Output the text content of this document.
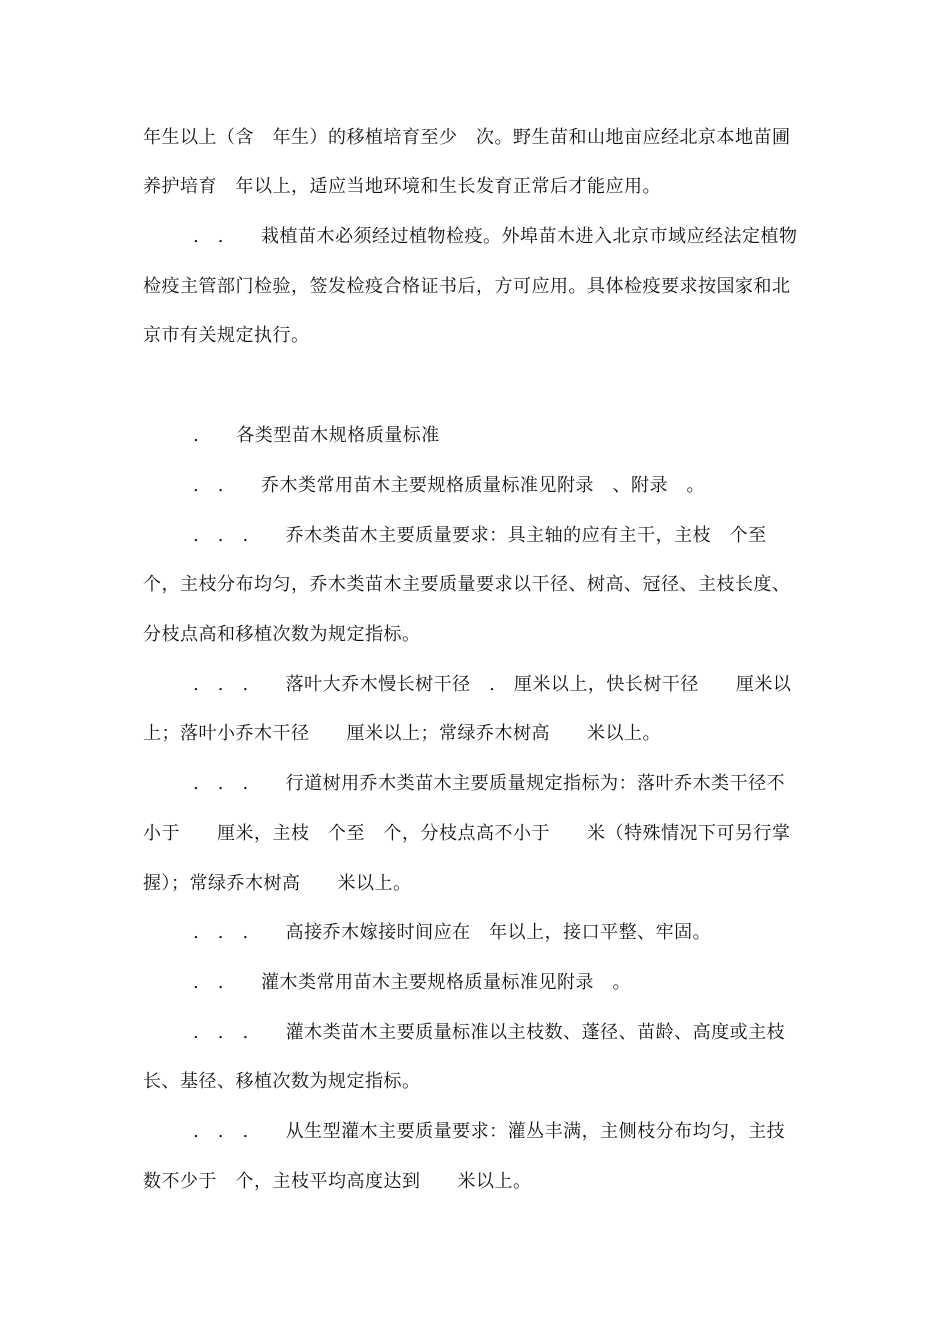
年生以上（含　年生）的移植培育至少　次。野生苗和山地亩应经北京本地苗圃
养护培育　年以上，适应当地环境和生长发育正常后才能应用。
.　.　　栽植苗木必须经过植物检疫。外埠苗木进入北京市域应经法定植物
检疫主管部门检验，签发检疫合格证书后，方可应用。具体检疫要求按国家和北
京市有关规定执行。
.　　各类型苗木规格质量标准
.　.　　乔木类常用苗木主要规格质量标准见附录　、附录　。
.　.　.　　乔木类苗木主要质量要求：具主轴的应有主干，主枝　个至
个，主枝分布均匀，乔木类苗木主要质量要求以干径、树高、冠径、主枝长度、
分枝点高和移植次数为规定指标。
.　.　.　　落叶大乔木慢长树干径　.　厘米以上，快长树干径　　厘米以
上；落叶小乔木干径　　厘米以上；常绿乔木树高　　米以上。
.　.　.　　行道树用乔木类苗木主要质量规定指标为：落叶乔木类干径不
小于　　厘米，主枝　个至　个，分枝点高不小于　　米（特殊情况下可另行掌
握）；常绿乔木树高　　米以上。
.　.　.　　高接乔木嫁接时间应在　年以上，接口平整、牢固。
.　.　　灌木类常用苗木主要规格质量标准见附录　。
.　.　.　　灌木类苗木主要质量标准以主枝数、蓬径、苗龄、高度或主枝
长、基径、移植次数为规定指标。
.　.　.　　从生型灌木主要质量要求：灌丛丰满，主侧枝分布均匀，主技
数不少于　个，主枝平均高度达到　　米以上。
